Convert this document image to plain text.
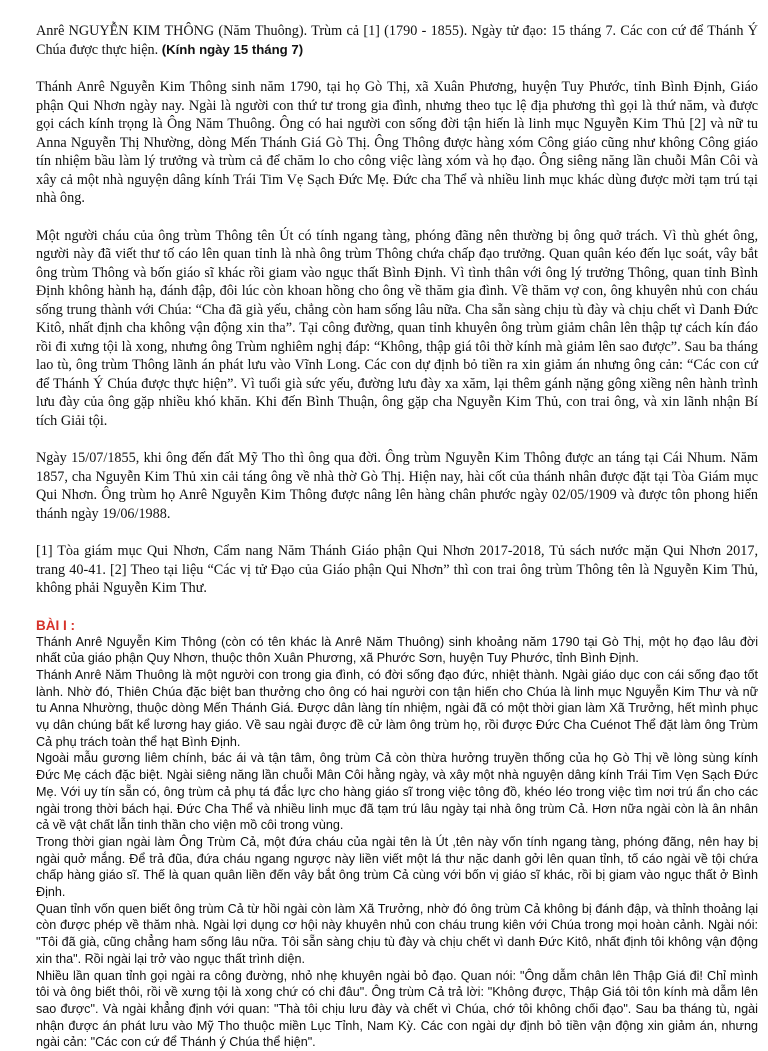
Anrê NGUYỄN KIM THÔNG (Năm Thuông). Trùm cả [1] (1790 - 1855). Ngày tử đạo: 15 tháng 7. Các con cứ để Thánh Ý Chúa được thực hiện. (Kính ngày 15 tháng 7)

Thánh Anrê Nguyễn Kim Thông sinh năm 1790, tại họ Gò Thị, xã Xuân Phương, huyện Tuy Phước, tỉnh Bình Định, Giáo phận Qui Nhơn ngày nay. Ngài là người con thứ tư trong gia đình, nhưng theo tục lệ địa phương thì gọi là thứ năm, và được gọi cách kính trọng là Ông Năm Thuông. Ông có hai người con sống đời tận hiến là linh mục Nguyễn Kim Thủ [2] và nữ tu Anna Nguyễn Thị Nhường, dòng Mến Thánh Giá Gò Thị. Ông Thông được hàng xóm Công giáo cũng như không Công giáo tín nhiệm bầu làm lý trưởng và trùm cả để chăm lo cho công việc làng xóm và họ đạo. Ông siêng năng lần chuỗi Mân Côi và xây cả một nhà nguyện dâng kính Trái Tim Vẹ Sạch Đức Mẹ. Đức cha Thể và nhiều linh mục khác dùng được mời tạm trú tại nhà ông.

Một người cháu của ông trùm Thông tên Út có tính ngang tàng, phóng đãng nên thường bị ông quở trách. Vì thù ghét ông, người này đã viết thư tố cáo lên quan tỉnh là nhà ông trùm Thông chứa chấp đạo trưởng. Quan quân kéo đến lục soát, vây bắt ông trùm Thông và bốn giáo sĩ khác rồi giam vào ngục thất Bình Định. Vì tình thân với ông lý trưởng Thông, quan tỉnh Bình Định không hành hạ, đánh đập, đôi lúc còn khoan hồng cho ông về thăm gia đình. Về thăm vợ con, ông khuyên nhủ con cháu sống trung thành với Chúa: “Cha đã già yếu, chẳng còn ham sống lâu nữa. Cha sẵn sàng chịu tù đày và chịu chết vì Danh Đức Kitô, nhất định cha không vận động xin tha”. Tại công đường, quan tỉnh khuyên ông trùm giảm chân lên thập tự cách kín đáo rồi đi xưng tội là xong, nhưng ông Trùm nghiêm nghị đáp: “Không, thập giá tôi thờ kính mà giảm lên sao được”. Sau ba tháng lao tù, ông trùm Thông lãnh án phát lưu vào Vĩnh Long. Các con dự định bỏ tiền ra xin giảm án nhưng ông cản: “Các con cứ để Thánh Ý Chúa được thực hiện”. Vì tuổi già sức yếu, đường lưu đày xa xăm, lại thêm gánh nặng gông xiềng nên hành trình lưu đày của ông gặp nhiều khó khăn. Khi đến Bình Thuận, ông gặp cha Nguyễn Kim Thủ, con trai ông, và xin lãnh nhận Bí tích Giải tội.

Ngày 15/07/1855, khi ông đến đất Mỹ Tho thì ông qua đời. Ông trùm Nguyễn Kim Thông được an táng tại Cái Nhum. Năm 1857, cha Nguyễn Kim Thủ xin cải táng ông về nhà thờ Gò Thị. Hiện nay, hài cốt của thánh nhân được đặt tại Tòa Giám mục Qui Nhơn. Ông trùm họ Anrê Nguyễn Kim Thông được nâng lên hàng chân phước ngày 02/05/1909 và được tôn phong hiển thánh ngày 19/06/1988.

[1] Tòa giám mục Qui Nhơn, Cẩm nang Năm Thánh Giáo phận Qui Nhơn 2017-2018, Tủ sách nước mặn Qui Nhơn 2017, trang 40-41. [2] Theo tại liệu “Các vị tử Đạo của Giáo phận Qui Nhơn” thì con trai ông trùm Thông tên là Nguyễn Kim Thủ, không phải Nguyễn Kim Thư.

BÀI I :

Thánh Anrê Nguyễn Kim Thông (còn có tên khác là Anrê Năm Thuông) sinh khoảng năm 1790 tại Gò Thị, một họ đạo lâu đời nhất của giáo phận Quy Nhơn, thuộc thôn Xuân Phương, xã Phước Sơn, huyện Tuy Phước, tỉnh Bình Định.

Thánh Anrê Năm Thuông là một người con trong gia đình, có đời sống đạo đức, nhiệt thành. Ngài giáo dục con cái sống đạo tốt lành. Nhờ đó, Thiên Chúa đặc biệt ban thưởng cho ông có hai người con tận hiến cho Chúa là linh mục Nguyễn Kim Thư và nữ tu Anna Nhường, thuộc dòng Mến Thánh Giá. Được dân làng tín nhiệm, ngài đã có một thời gian làm Xã Trưởng, hết mình phục vụ dân chúng bất kể lương hay giáo. Về sau ngài được đề cử làm ông trùm họ, rồi được Đức Cha Cuénot Thể đặt làm ông Trùm Cả phụ trách toàn thể hạt Bình Định.

Ngoài mẫu gương liêm chính, bác ái và tận tâm, ông trùm Cả còn thừa hưởng truyền thống của họ Gò Thị về lòng sùng kính Đức Mẹ cách đặc biệt. Ngài siêng năng lần chuỗi Mân Côi hằng ngày, và xây một nhà nguyện dâng kính Trái Tim Vẹn Sạch Đức Mẹ. Với uy tín sẵn có, ông trùm cả phụ tá đắc lực cho hàng giáo sĩ trong việc tông đồ, khéo léo trong việc tìm nơi trú ẩn cho các ngài trong thời bách hại. Đức Cha Thể và nhiều linh mục đã tạm trú lâu ngày tại nhà ông trùm Cả. Hơn nữa ngài còn là ân nhân cả về vật chất lẫn tinh thần cho viện mồ côi trong vùng.

Trong thời gian ngài làm Ông Trùm Cả, một đứa cháu của ngài tên là Út ,tên này vốn tính ngang tàng, phóng đãng, nên hay bị ngài quở mắng. Để trả đũa, đứa cháu ngang ngược này liền viết một lá thư nặc danh gởi lên quan tỉnh, tố cáo ngài về tội chứa chấp hàng giáo sĩ. Thế là quan quân liền đến vây bắt ông trùm Cả cùng với bốn vị giáo sĩ khác, rồi bị giam vào ngục thất ở Bình Định.

Quan tỉnh vốn quen biết ông trùm Cả từ hồi ngài còn làm Xã Trưởng, nhờ đó ông trùm Cả không bị đánh đập, và thỉnh thoảng lại còn được phép về thăm nhà. Ngài lợi dụng cơ hội này khuyên nhủ con cháu trung kiên với Chúa trong mọi hoàn cảnh. Ngài nói: "Tôi đã già, cũng chẳng ham sống lâu nữa. Tôi sẵn sàng chịu tù đày và chịu chết vì danh Đức Kitô, nhất định tôi không vận động xin tha". Rồi ngài lại trở vào ngục thất trình diện.

Nhiều lần quan tỉnh gọi ngài ra công đường, nhỏ nhẹ khuyên ngài bỏ đạo. Quan nói: "Ông dẫm chân lên Thập Giá đi! Chỉ mình tôi và ông biết thôi, rồi về xưng tội là xong chứ có chi đâu". Ông trùm Cả trả lời: "Không được, Thập Giá tôi tôn kính mà dẫm lên sao được". Và ngài khẳng định với quan: "Thà tôi chịu lưu đày và chết vì Chúa, chớ tôi không chối đạo". Sau ba tháng tù, ngài nhận được án phát lưu vào Mỹ Tho thuộc miền Lục Tỉnh, Nam Kỳ. Các con ngài dự định bỏ tiền vận động xin giảm án, nhưng ngài cản: "Các con cứ để Thánh ý Chúa thể hiện".
